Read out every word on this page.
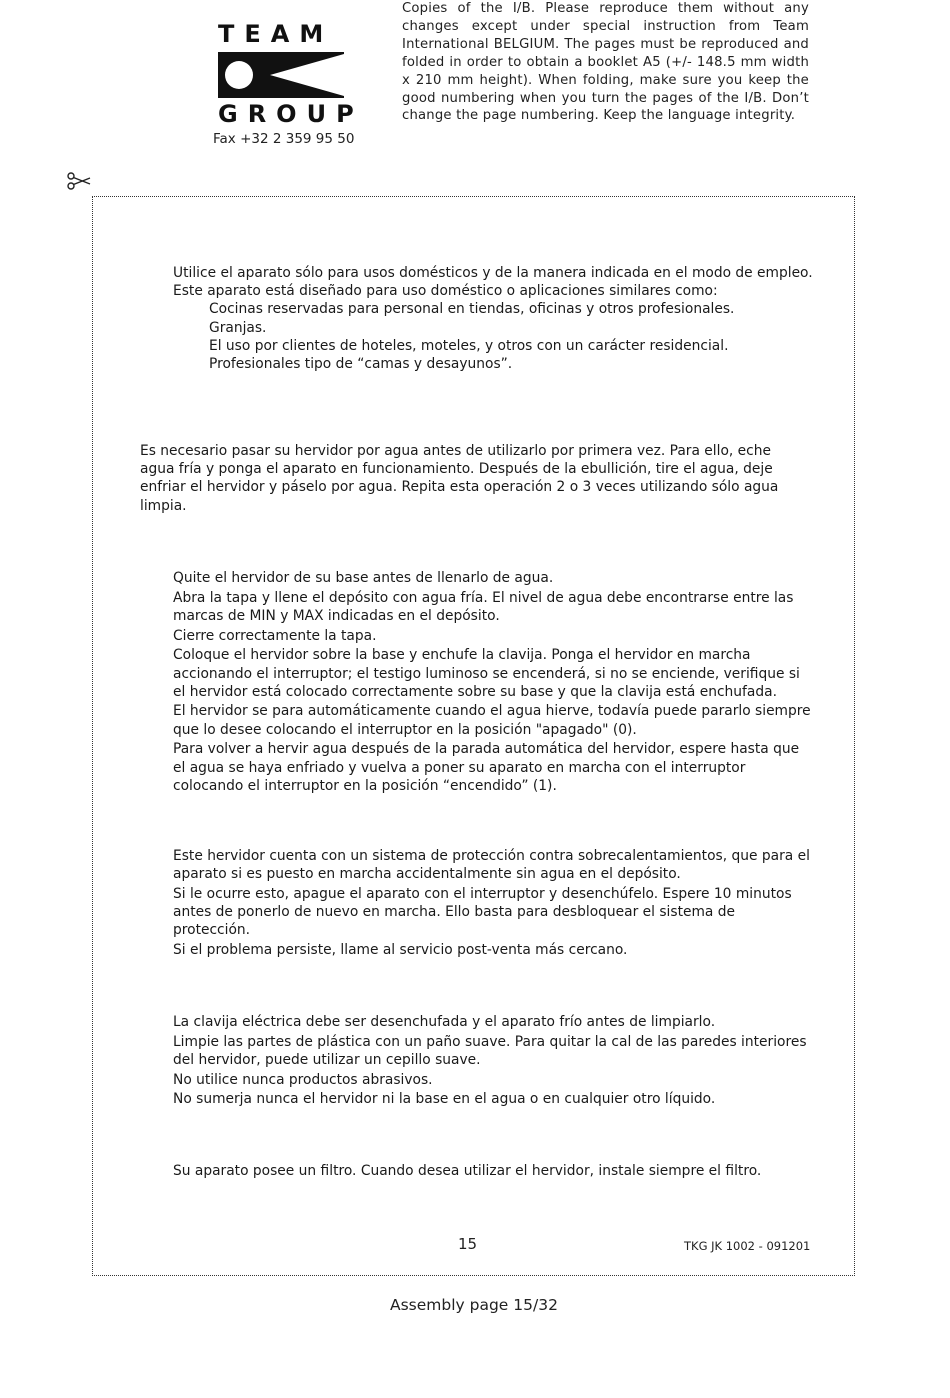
TEAM
GROUP
Fax +32 2 359 95 50
Copies of the I/B. Please reproduce them without any changes except under special instruction from Team International BELGIUM. The pages must be reproduced and folded in order to obtain a booklet A5 (+/- 148.5 mm width x 210 mm height). When folding, make sure you keep the good numbering when you turn the pages of the I/B. Don’t change the page numbering. Keep the language integrity.
Utilice el aparato sólo para usos domésticos y de la manera indicada en el modo de empleo.
Este aparato está diseñado para uso doméstico o aplicaciones similares como:
Cocinas reservadas para personal en tiendas, oficinas y otros profesionales.
Granjas.
El uso por clientes de hoteles, moteles, y otros con un carácter residencial.
Profesionales tipo de “camas y desayunos”.
Es necesario pasar su hervidor por agua antes de utilizarlo por primera vez. Para ello, eche agua fría y ponga el aparato en funcionamiento. Después de la ebullición, tire el agua, deje enfriar el hervidor y páselo por agua. Repita esta operación 2 o 3 veces utilizando sólo agua limpia.

Quite el hervidor de su base antes de llenarlo de agua.

Abra la tapa y llene el depósito con agua fría. El nivel de agua debe encontrarse entre las marcas de MIN y MAX indicadas en el depósito.

Cierre correctamente la tapa.

Coloque el hervidor sobre la base y enchufe la clavija. Ponga el hervidor en marcha accionando el interruptor; el testigo luminoso se encenderá, si no se enciende, verifique si el hervidor está colocado correctamente sobre su base y que la clavija está enchufada.

El hervidor se para automáticamente cuando el agua hierve, todavía puede pararlo siempre que lo desee colocando el interruptor en la posición "apagado" (0).

Para volver a hervir agua después de la parada automática del hervidor, espere hasta que el agua se haya enfriado y vuelva a poner su aparato en marcha con el interruptor colocando el interruptor en la posición “encendido” (1).

Este hervidor cuenta con un sistema de protección contra sobrecalentamientos, que para el aparato si es puesto en marcha accidentalmente sin agua en el depósito.

Si le ocurre esto, apague el aparato con el interruptor y desenchúfelo. Espere 10 minutos antes de ponerlo de nuevo en marcha. Ello basta para desbloquear el sistema de protección.

Si el problema persiste, llame al servicio post-venta más cercano.

La clavija eléctrica debe ser desenchufada y el aparato frío antes de limpiarlo.

Limpie las partes de plástica con un paño suave. Para quitar la cal de las paredes interiores del hervidor, puede utilizar un cepillo suave.

No utilice nunca productos abrasivos.

No sumerja nunca el hervidor ni la base en el agua o en cualquier otro líquido.

Su aparato posee un filtro. Cuando desea utilizar el hervidor, instale siempre el filtro.

15	TKG JK 1002 - 091201
Assembly page 15/32
